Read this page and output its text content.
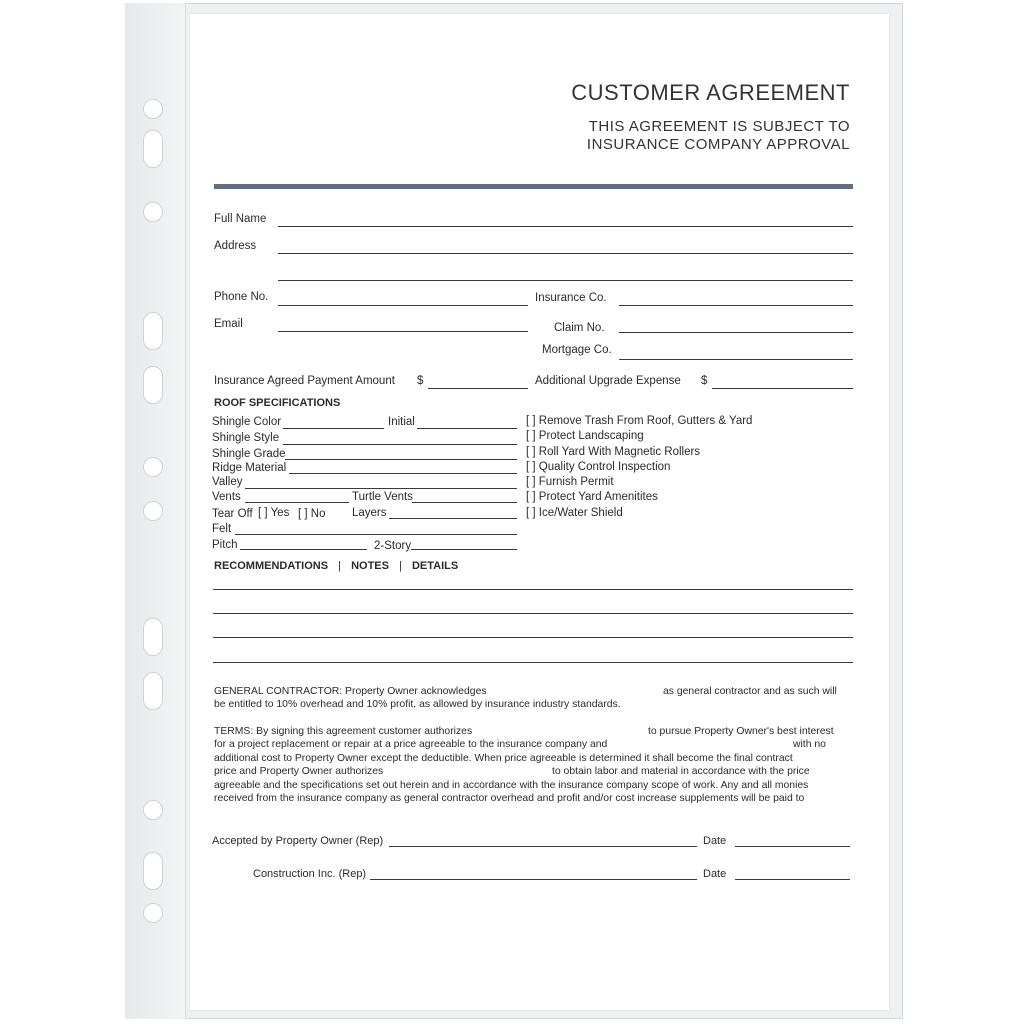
CUSTOMER AGREEMENT
THIS AGREEMENT IS SUBJECT TO
INSURANCE COMPANY APPROVAL
Full Name
Address
Phone No.	Insurance Co.
Email	Claim No.
Mortgage Co.
Insurance Agreed Payment Amount $	Additional Upgrade Expense $
ROOF SPECIFICATIONS
Shingle Color	Initial
Shingle Style
Shingle Grade
Ridge Material
Valley
Vents	Turtle Vents
Tear Off [ ] Yes [ ] No Layers
Felt
Pitch	2-Story
[ ] Remove Trash From Roof, Gutters & Yard
[ ] Protect Landscaping
[ ] Roll Yard With Magnetic Rollers
[ ] Quality Control Inspection
[ ] Furnish Permit
[ ] Protect Yard Amenitites
[ ] Ice/Water Shield
RECOMMENDATIONS | NOTES | DETAILS
GENERAL CONTRACTOR: Property Owner acknowledges	as general contractor and as such will
be entitled to 10% overhead and 10% profit, as allowed by insurance industry standards.
TERMS: By signing this agreement customer authorizes	to pursue Property Owner's best interest
for a project replacement or repair at a price agreeable to the insurance company and	with no
additional cost to Property Owner except the deductible. When price agreeable is determined it shall become the final contract
price and Property Owner authorizes	to obtain labor and material in accordance with the price
agreeable and the specifications set out herein and in accordance with the insurance company scope of work. Any and all monies
received from the insurance company as general contractor overhead and profit and/or cost increase supplements will be paid to
Accepted by Property Owner (Rep)	Date
Construction Inc. (Rep)	Date
